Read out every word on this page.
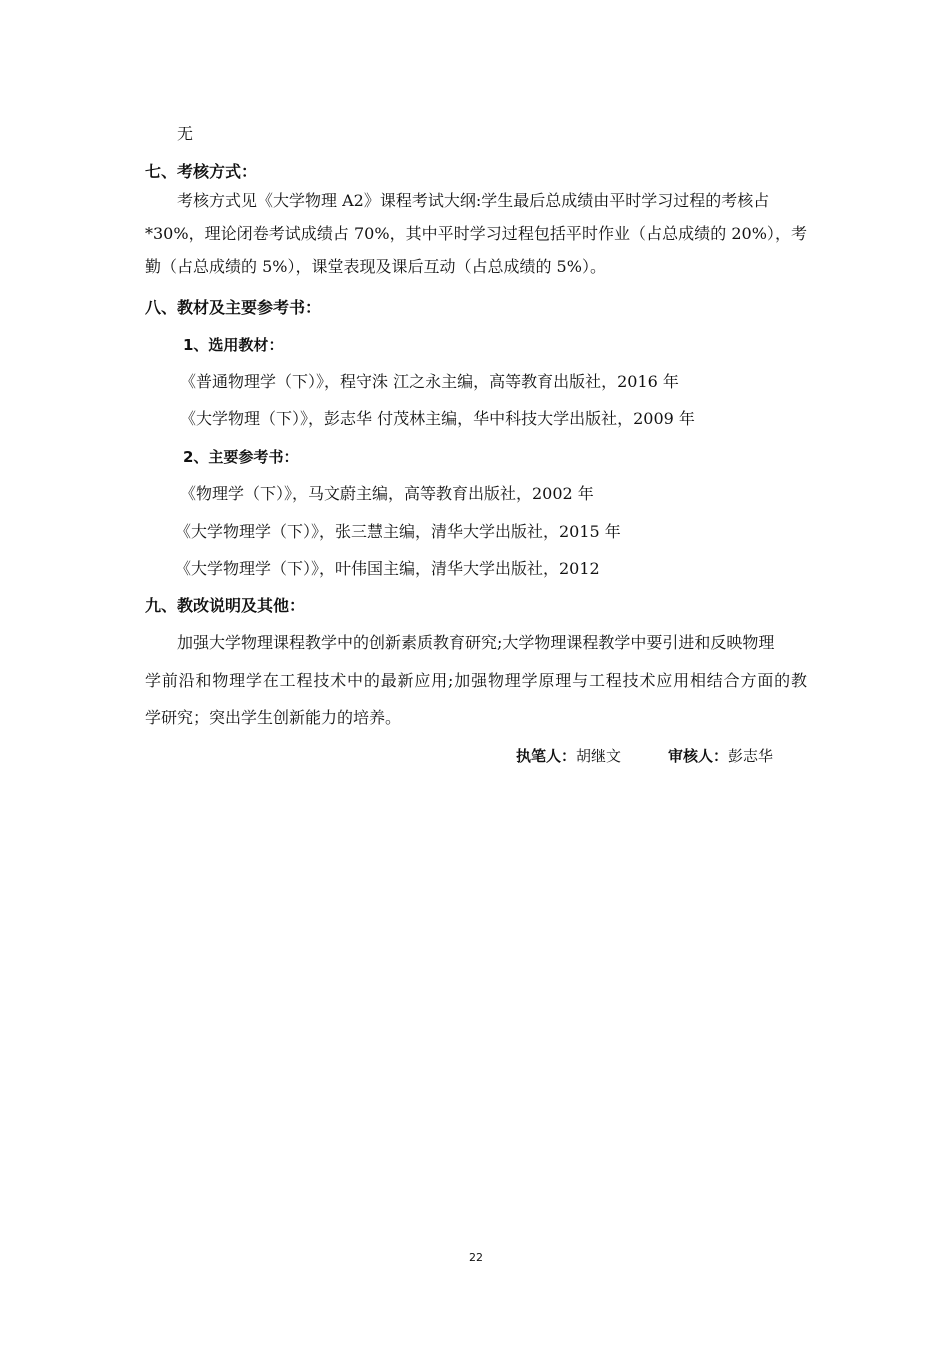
无
七、考核方式：
考核方式见《大学物理 A2》课程考试大纲:学生最后总成绩由平时学习过程的考核占
*30%，理论闭卷考试成绩占 70%，其中平时学习过程包括平时作业（占总成绩的 20%），考
勤（占总成绩的 5%），课堂表现及课后互动（占总成绩的 5%）。
八、教材及主要参考书：
1、选用教材：
《普通物理学（下）》，程守洙 江之永主编，高等教育出版社，2016 年
《大学物理（下）》，彭志华 付茂林主编，华中科技大学出版社，2009 年
2、主要参考书：
《物理学（下）》，马文蔚主编，高等教育出版社，2002 年
《大学物理学（下）》，张三慧主编，清华大学出版社，2015 年
《大学物理学（下）》，叶伟国主编，清华大学出版社，2012
九、教改说明及其他：
加强大学物理课程教学中的创新素质教育研究;大学物理课程教学中要引进和反映物理
学前沿和物理学在工程技术中的最新应用;加强物理学原理与工程技术应用相结合方面的教
学研究；突出学生创新能力的培养。
执笔人：胡继文	审核人：彭志华
22
